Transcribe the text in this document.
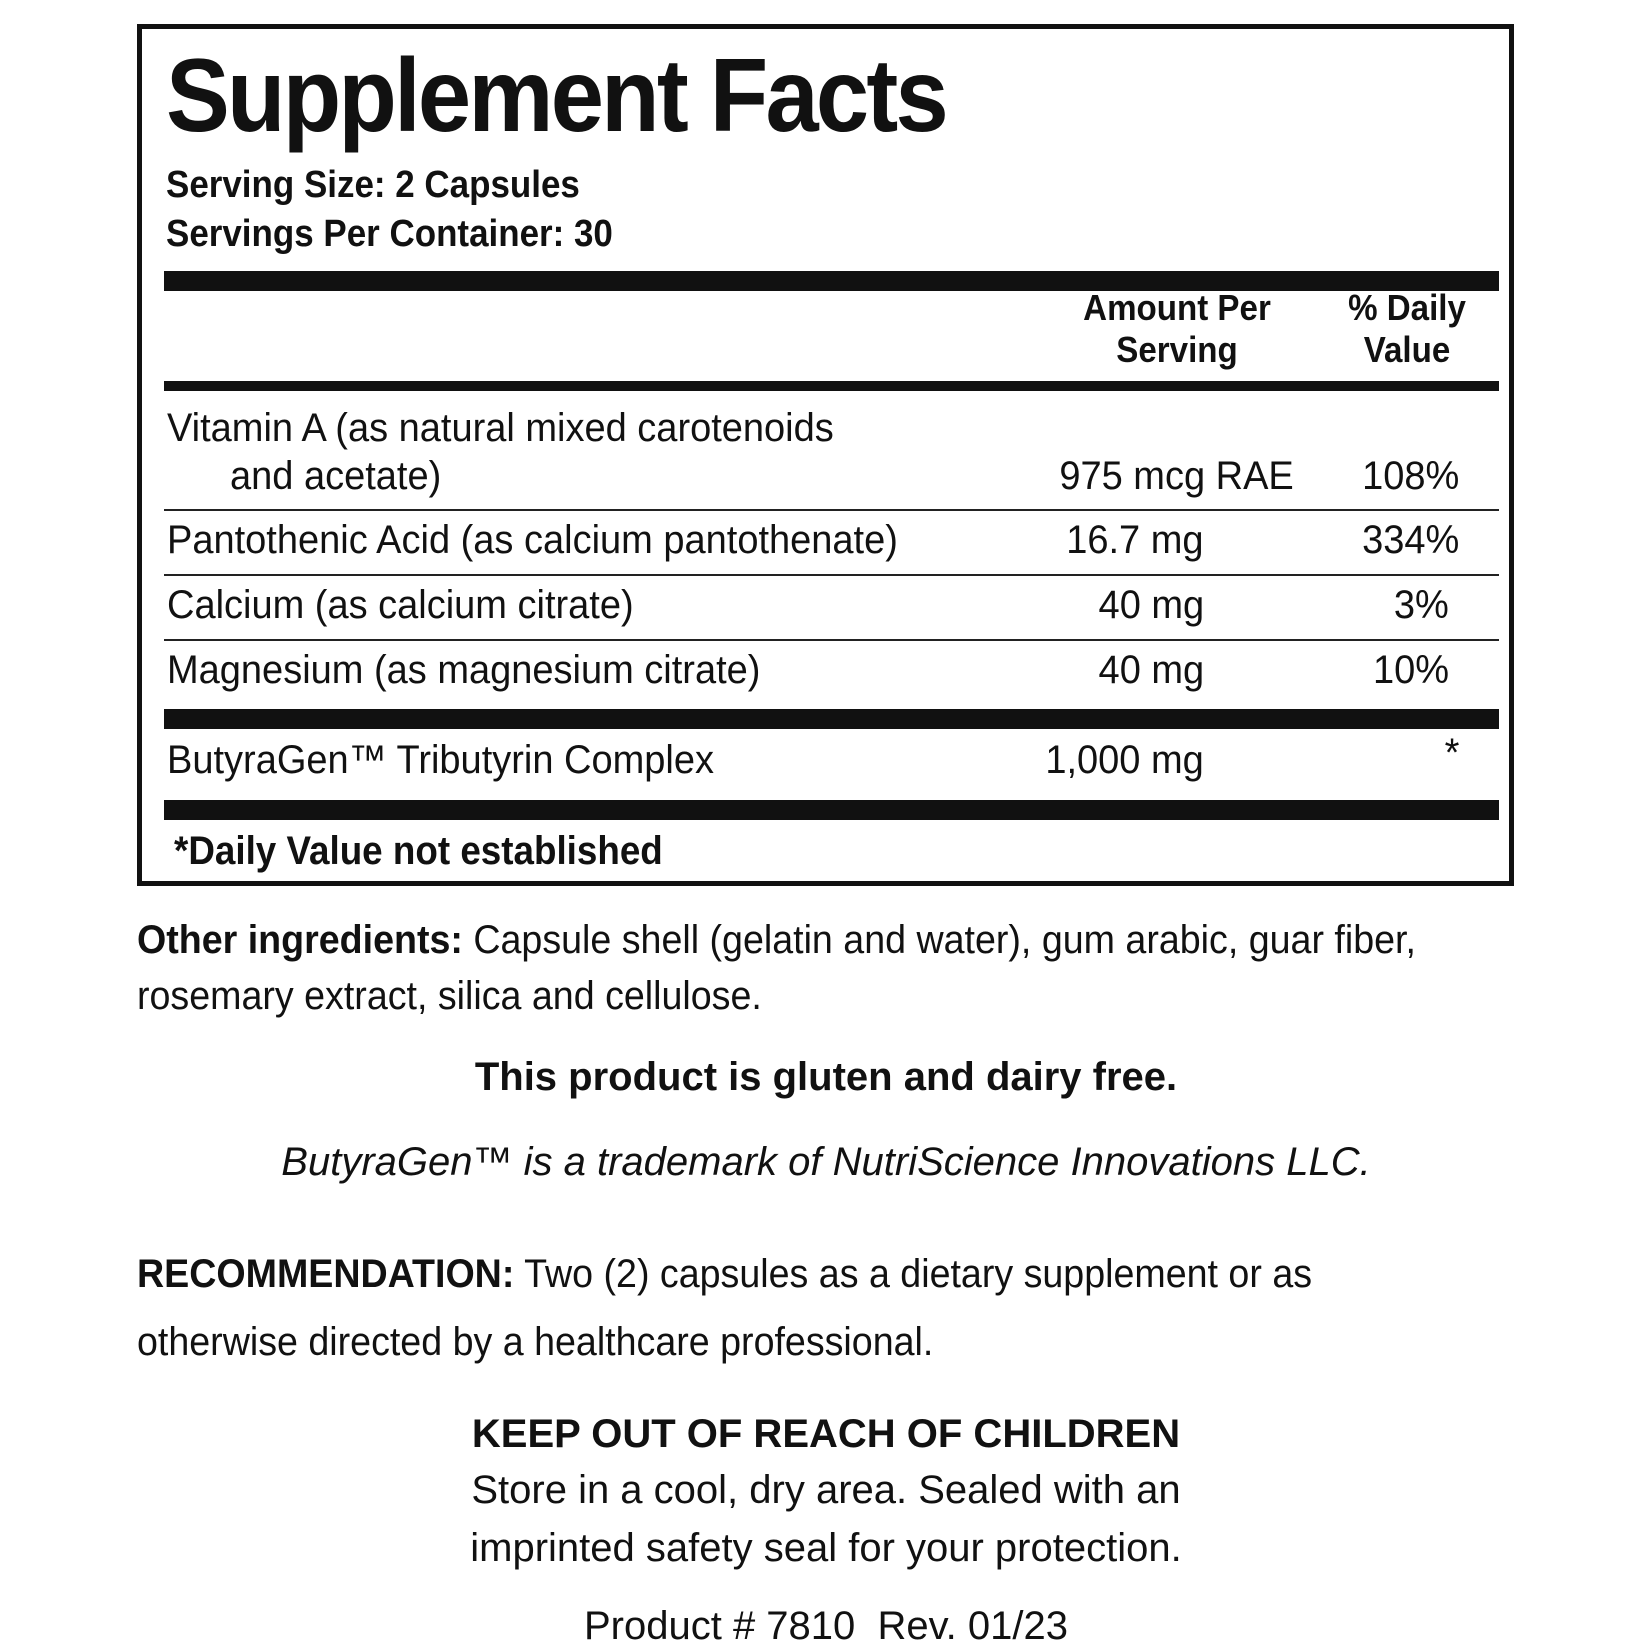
Supplement Facts
Serving Size: 2 Capsules
Servings Per Container: 30
Amount Per
Serving
% Daily
Value
Vitamin A (as natural mixed carotenoids
and acetate)	975 mcg RAE 108%
Pantothenic Acid (as calcium pantothenate)	16.7 mg	334%
Calcium (as calcium citrate)	40 mg	3%
Magnesium (as magnesium citrate)	40 mg	10%
ButyraGen™ Tributyrin Complex	1,000 mg	*
*Daily Value not established
Other ingredients: Capsule shell (gelatin and water), gum arabic, guar fiber, rosemary extract, silica and cellulose.
This product is gluten and dairy free.
ButyraGen™ is a trademark of NutriScience Innovations LLC.
RECOMMENDATION: Two (2) capsules as a dietary supplement or as otherwise directed by a healthcare professional.
KEEP OUT OF REACH OF CHILDREN
Store in a cool, dry area. Sealed with an
imprinted safety seal for your protection.
Product # 7810  Rev. 01/23
